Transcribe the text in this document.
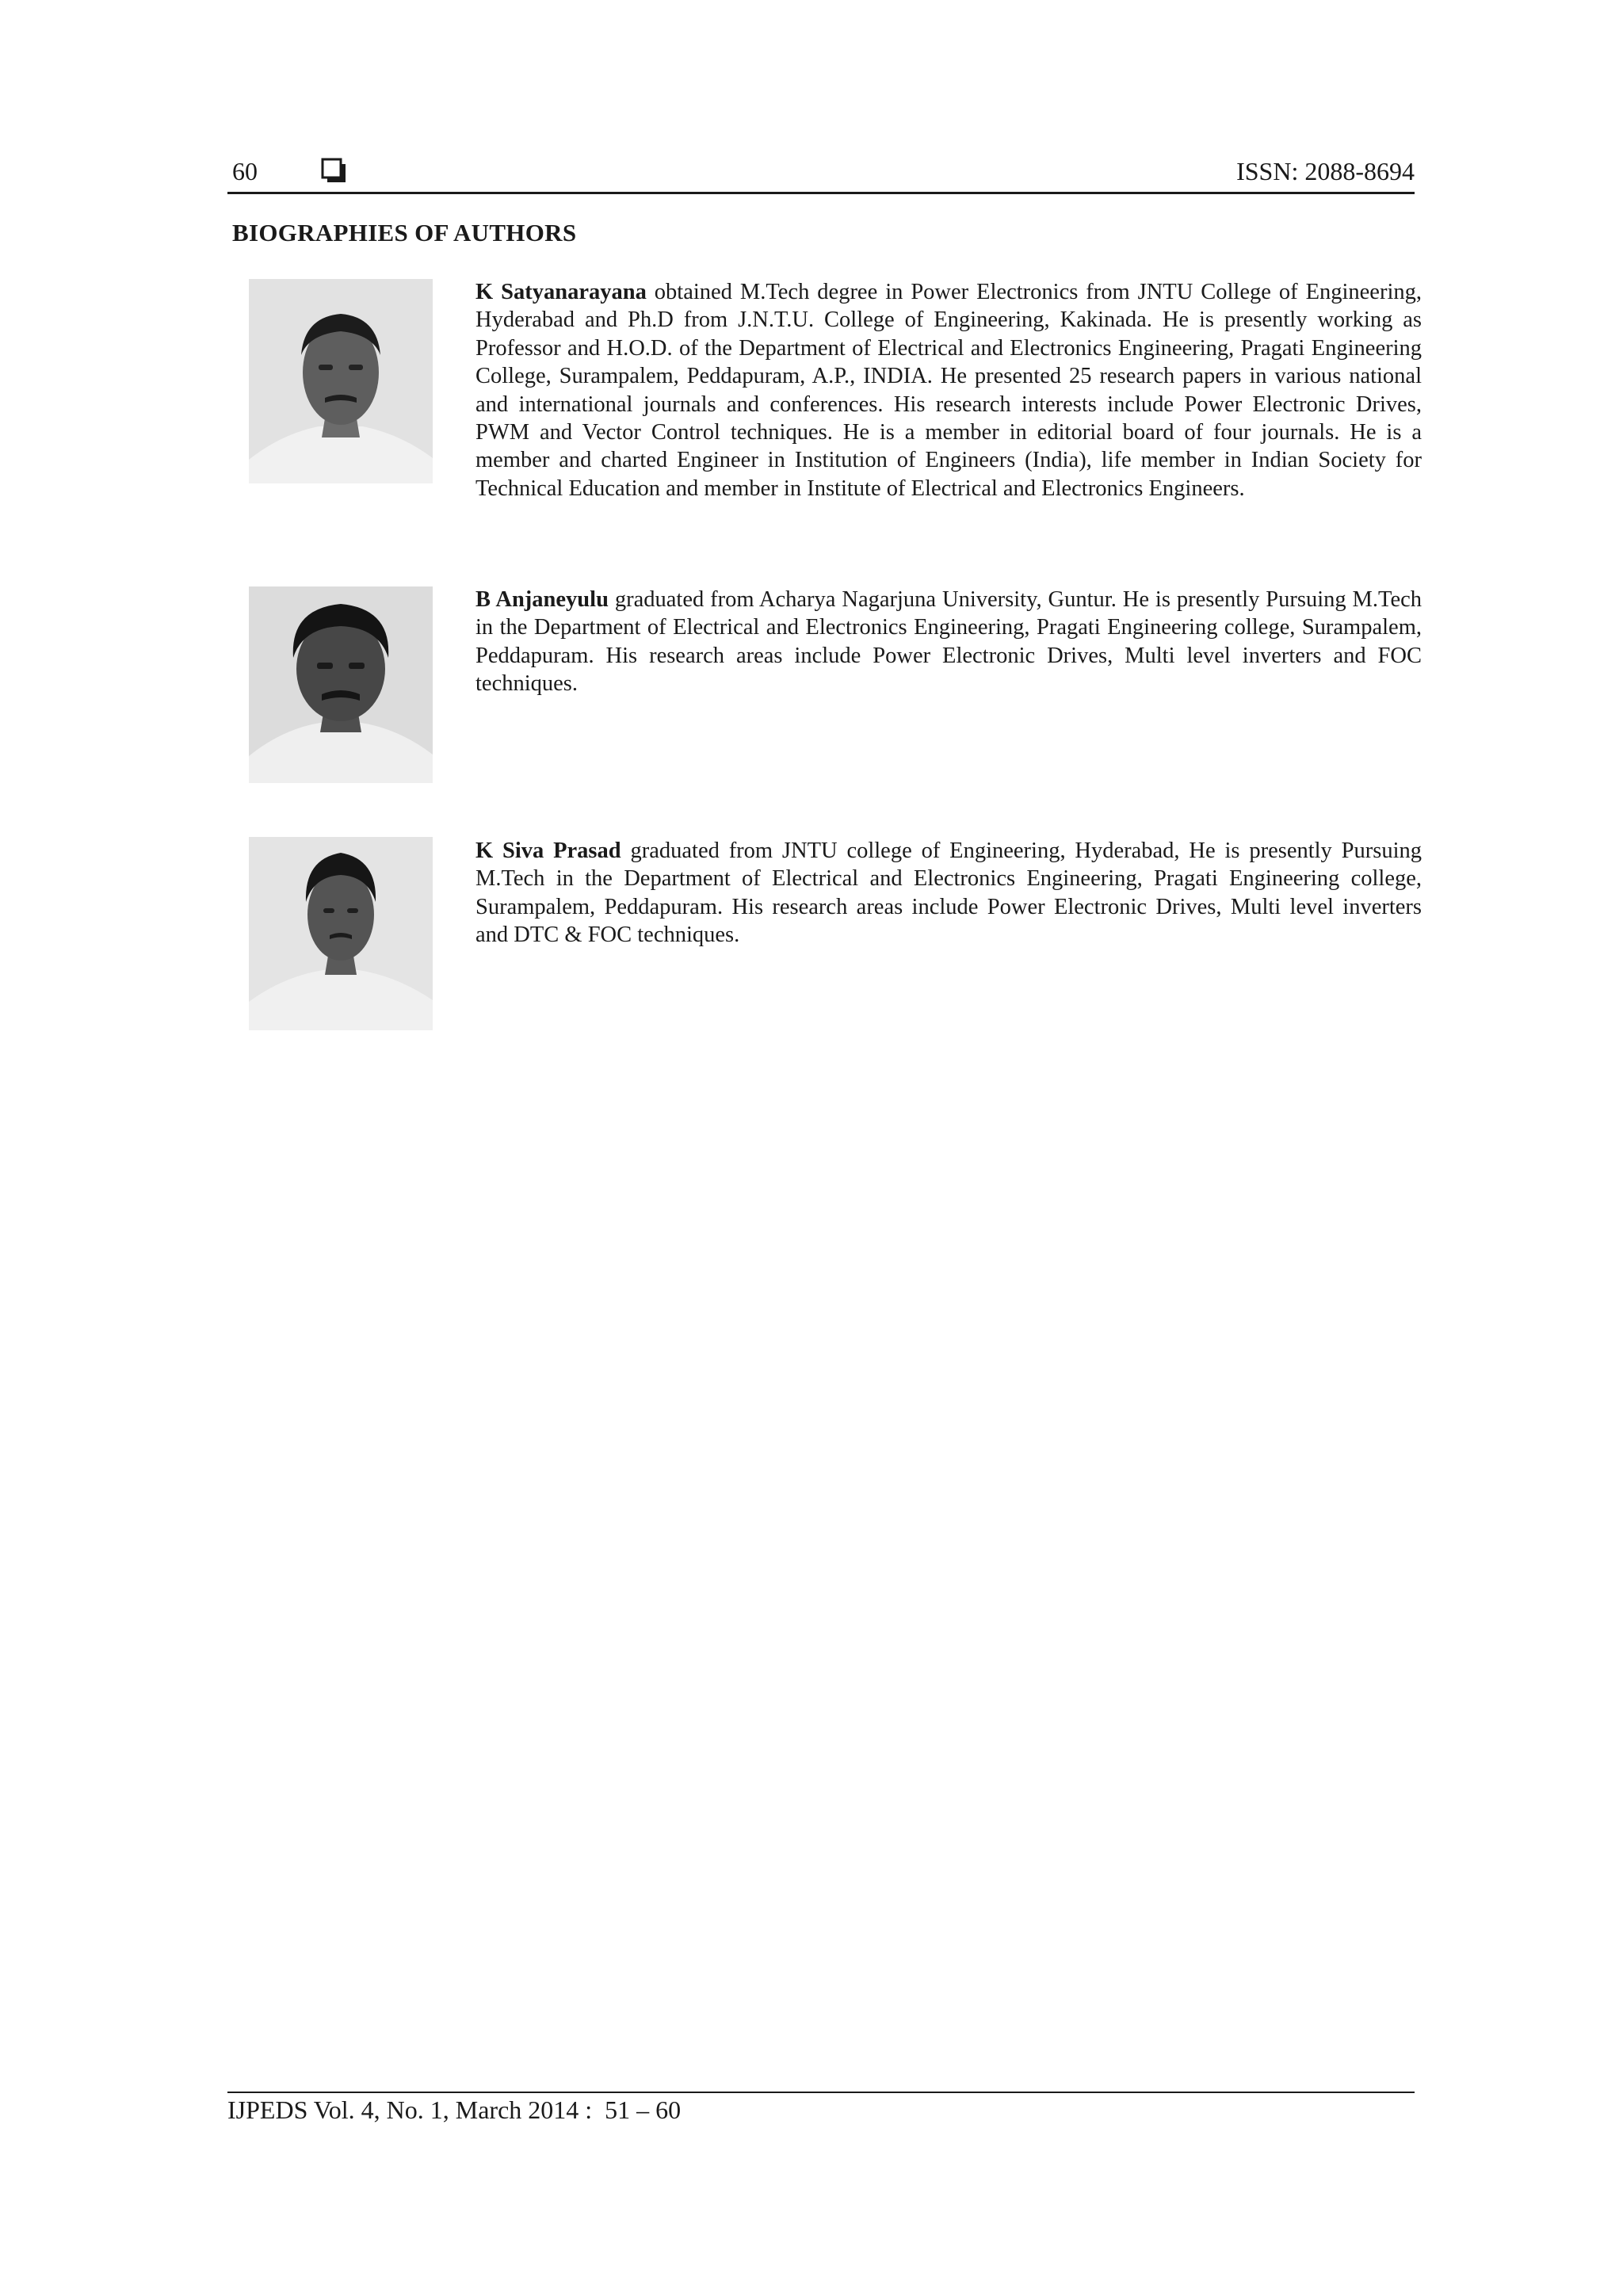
60	ISSN: 2088-8694
BIOGRAPHIES OF AUTHORS

K Satyanarayana obtained M.Tech degree in Power Electronics from JNTU College of Engineering, Hyderabad and Ph.D from J.N.T.U. College of Engineering, Kakinada. He is presently working as Professor and H.O.D. of the Department of Electrical and Electronics Engineering, Pragati Engineering College, Surampalem, Peddapuram, A.P., INDIA. He presented 25 research papers in various national and international journals and conferences. His research interests include Power Electronic Drives, PWM and Vector Control techniques. He is a member in editorial board of four journals. He is a member and charted Engineer in Institution of Engineers (India), life member in Indian Society for Technical Education and member in Institute of Electrical and Electronics Engineers.

B Anjaneyulu graduated from Acharya Nagarjuna University, Guntur. He is presently Pursuing M.Tech in the Department of Electrical and Electronics Engineering, Pragati Engineering college, Surampalem, Peddapuram. His research areas include Power Electronic Drives, Multi level inverters and FOC techniques.

K Siva Prasad graduated from JNTU college of Engineering, Hyderabad, He is presently Pursuing M.Tech in the Department of Electrical and Electronics Engineering, Pragati Engineering college, Surampalem, Peddapuram. His research areas include Power Electronic Drives, Multi level inverters and DTC & FOC techniques.

IJPEDS Vol. 4, No. 1, March 2014 :  51 – 60
